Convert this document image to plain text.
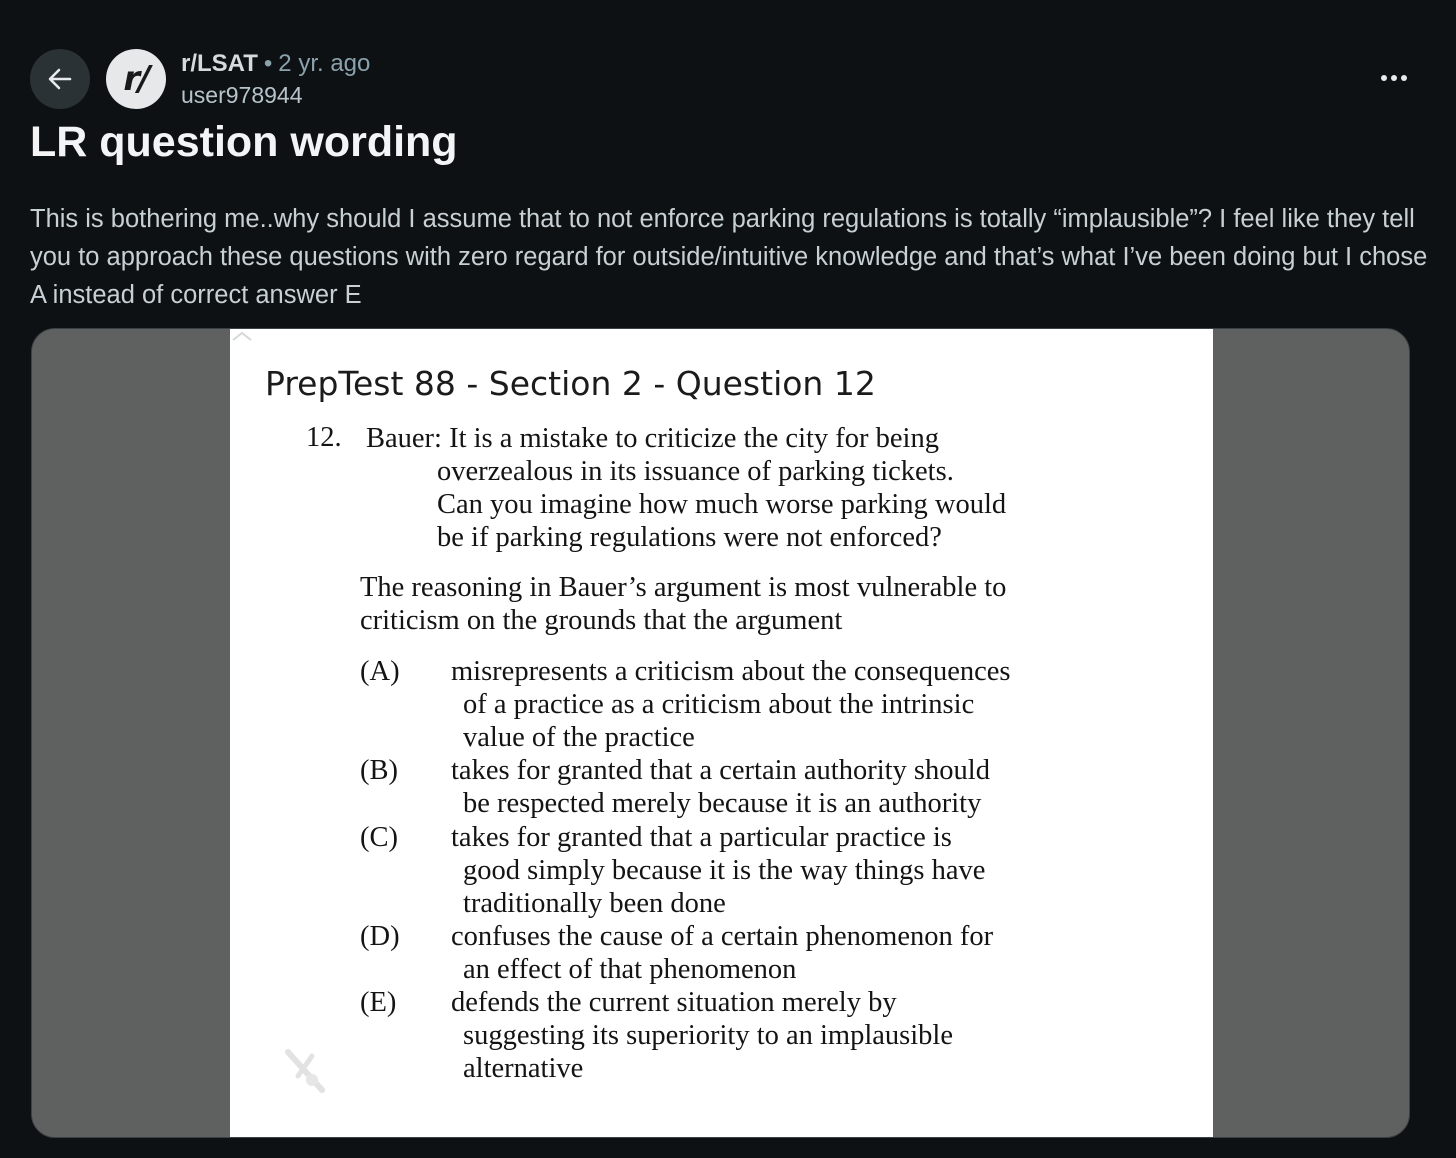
r/ r/LSAT • 2 yr. ago
user978944
LR question wording

This is bothering me..why should I assume that to not enforce parking regulations is totally “implausible”? I feel like they tell you to approach these questions with zero regard for outside/intuitive knowledge and that’s what I’ve been doing but I chose A instead of correct answer E

PrepTest 88 - Section 2 - Question 12
12. Bauer: It is a mistake to criticize the city for being
overzealous in its issuance of parking tickets.
Can you imagine how much worse parking would
be if parking regulations were not enforced?
The reasoning in Bauer’s argument is most vulnerable to
criticism on the grounds that the argument
(A) misrepresents a criticism about the consequences
of a practice as a criticism about the intrinsic
value of the practice
(B) takes for granted that a certain authority should
be respected merely because it is an authority
(C) takes for granted that a particular practice is
good simply because it is the way things have
traditionally been done
(D) confuses the cause of a certain phenomenon for
an effect of that phenomenon
(E) defends the current situation merely by
suggesting its superiority to an implausible
alternative
